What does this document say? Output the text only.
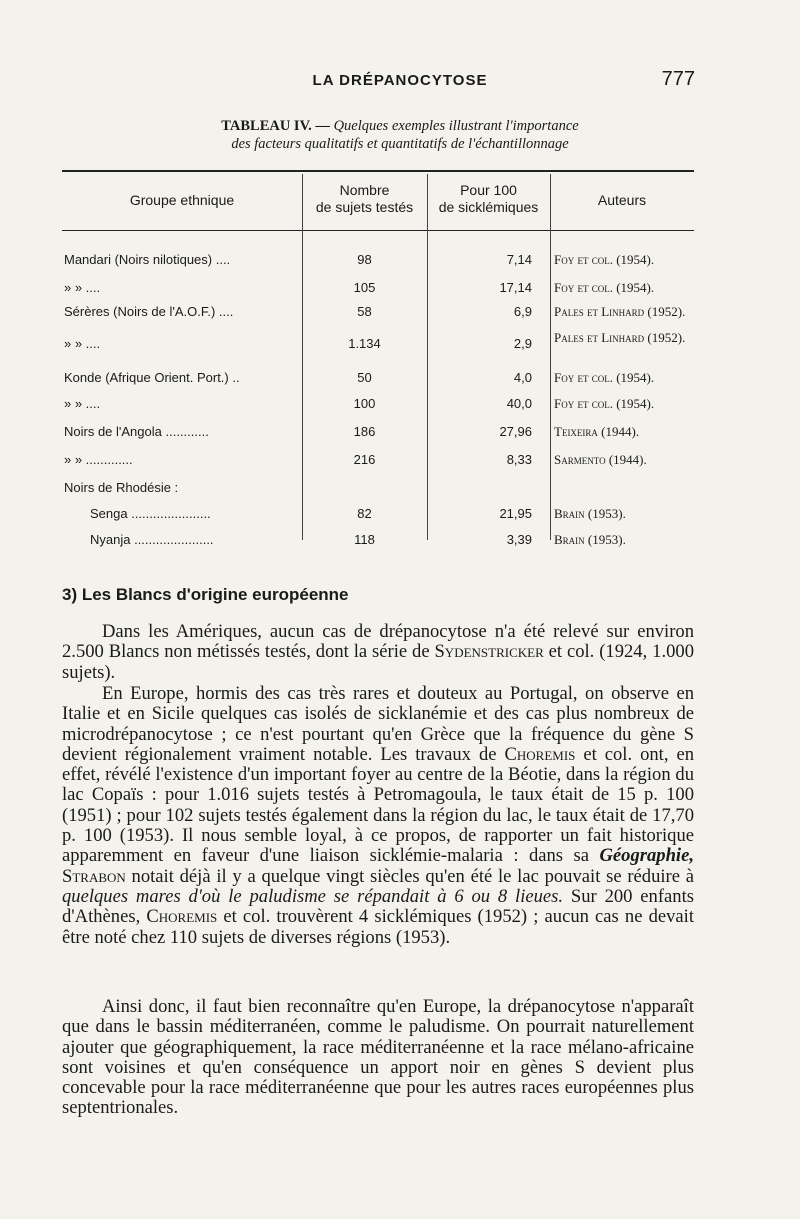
LA DRÉPANOCYTOSE	777
TABLEAU IV. — Quelques exemples illustrant l'importance
des facteurs qualitatifs et quantitatifs de l'échantillonnage
Groupe ethnique
Nombre
de sujets testés
Pour 100
de sicklémiques	Auteurs
Mandari (Noirs nilotiques) ....	98	7,14 Foy et col. (1954).
» » ....	105	17,14 Foy et col. (1954).
Sérères (Noirs de l'A.O.F.) ....	58	6,9 Pales et Linhard (1952).
» » ....	1.134	2,9 Pales et Linhard (1952).
Konde (Afrique Orient. Port.) ..	50	4,0 Foy et col. (1954).
» » ....	100	40,0 Foy et col. (1954).
Noirs de l'Angola ............	186	27,96 Teixeira (1944).
» » .............	216	8,33 Sarmento (1944).
Noirs de Rhodésie :
Senga ......................	82	21,95 Brain (1953).
Nyanja ......................	118	3,39 Brain (1953).
3) Les Blancs d'origine européenne

Dans les Amériques, aucun cas de drépanocytose n'a été relevé sur environ 2.500 Blancs non métissés testés, dont la série de Sydenstricker et col. (1924, 1.000 sujets).

En Europe, hormis des cas très rares et douteux au Portugal, on observe en Italie et en Sicile quelques cas isolés de sicklanémie et des cas plus nombreux de microdrépanocytose ; ce n'est pourtant qu'en Grèce que la fréquence du gène S devient régionalement vraiment notable. Les travaux de Choremis et col. ont, en effet, révélé l'existence d'un important foyer au centre de la Béotie, dans la région du lac Copaïs : pour 1.016 sujets testés à Petromagoula, le taux était de 15 p. 100 (1951) ; pour 102 sujets testés également dans la région du lac, le taux était de 17,70 p. 100 (1953). Il nous semble loyal, à ce propos, de rapporter un fait historique apparemment en faveur d'une liaison sicklémie-malaria : dans sa Géographie, Strabon notait déjà il y a quelque vingt siècles qu'en été le lac pouvait se réduire à quelques mares d'où le paludisme se répandait à 6 ou 8 lieues. Sur 200 enfants d'Athènes, Choremis et col. trouvèrent 4 sicklémiques (1952) ; aucun cas ne devait être noté chez 110 sujets de diverses régions (1953).

Ainsi donc, il faut bien reconnaître qu'en Europe, la drépanocytose n'apparaît que dans le bassin méditerranéen, comme le paludisme. On pourrait naturellement ajouter que géographiquement, la race méditerranéenne et la race mélano-africaine sont voisines et qu'en conséquence un apport noir en gènes S devient plus concevable pour la race méditerranéenne que pour les autres races européennes plus septentrionales.
